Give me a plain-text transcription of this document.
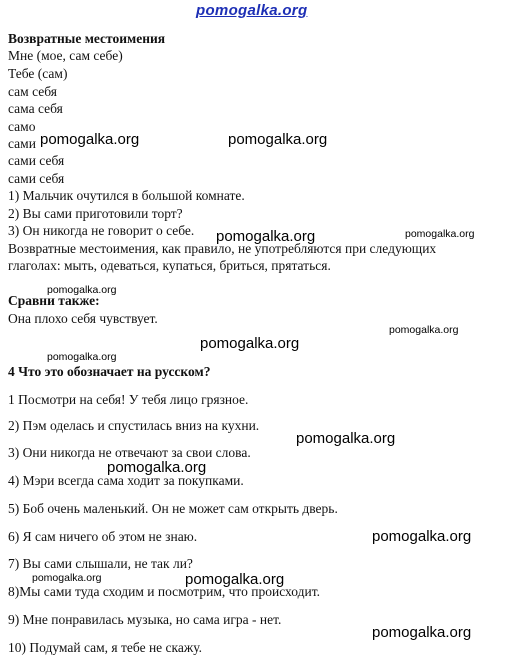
pomogalka.org
Возвратные местоимения
Мне (мое, сам себе)
Тебе (сам)
сам себя
сама себя
само
сами
сами себя
сами себя
1) Мальчик очутился в большой комнате.
2) Вы сами приготовили торт?
3) Он никогда не говорит о себе.
Возвратные местоимения, как правило, не употребляются при следующих
глаголах: мыть, одеваться, купаться, бриться, прятаться.
Сравни также:
Она плохо себя чувствует.
4 Что это обозначает на русском?
1 Посмотри на себя! У тебя лицо грязное.
2) Пэм оделась и спустилась вниз на кухни.
3) Они никогда не отвечают за свои слова.
4) Мэри всегда сама ходит за покупками.
5) Боб очень маленький. Он не может сам открыть дверь.
6) Я сам ничего об этом не знаю.
7) Вы сами слышали, не так ли?
8)Мы сами туда сходим и посмотрим, что происходит.
9) Мне понравилась музыка, но сама игра - нет.
10) Подумай сам, я тебе не скажу.
pomogalka.org	pomogalka.org
pomogalka.org	pomogalka.org
pomogalka.org
pomogalka.org
pomogalka.org
pomogalka.org
pomogalka.org
pomogalka.org
pomogalka.org
pomogalka.org	pomogalka.org
pomogalka.org
